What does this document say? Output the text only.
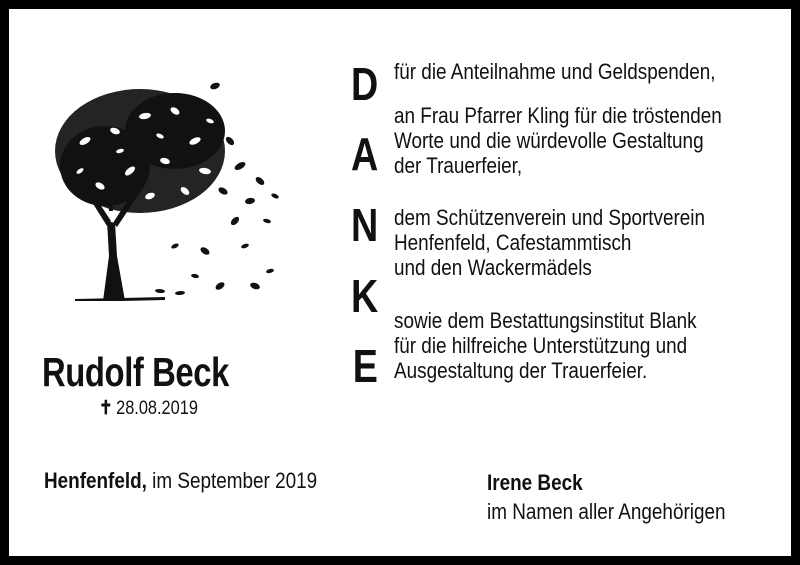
Rudolf Beck
✝ 28.08.2019
D
A
N
K
E
für die Anteilnahme und Geldspenden,
an Frau Pfarrer Kling für die tröstenden
Worte und die würdevolle Gestaltung
der Trauerfeier,
dem Schützenverein und Sportverein
Henfenfeld, Cafestammtisch
und den Wackermädels
sowie dem Bestattungsinstitut Blank
für die hilfreiche Unterstützung und
Ausgestaltung der Trauerfeier.
Henfenfeld, im September 2019	Irene Beck
im Namen aller Angehörigen
